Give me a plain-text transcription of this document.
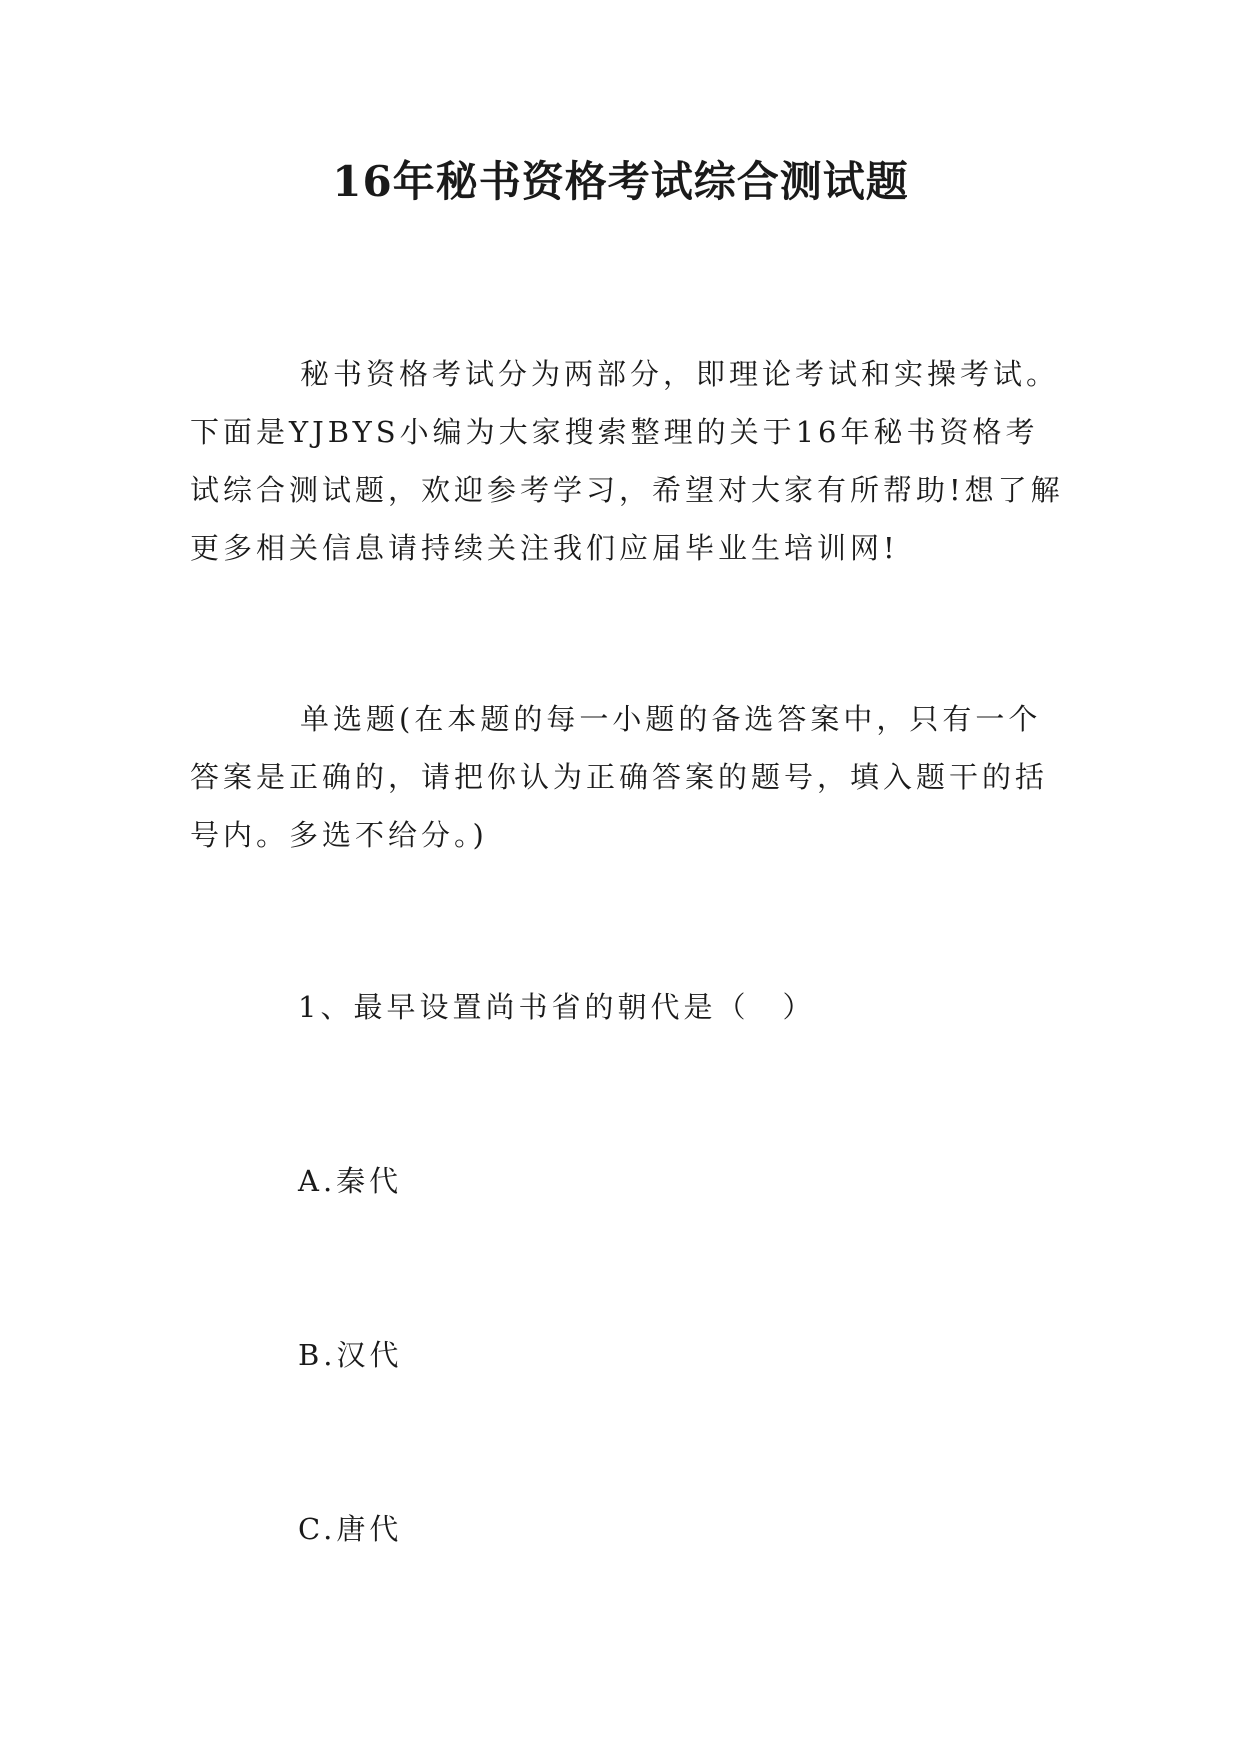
16年秘书资格考试综合测试题

秘书资格考试分为两部分，即理论考试和实操考试。下面是YJBYS小编为大家搜索整理的关于16年秘书资格考试综合测试题，欢迎参考学习，希望对大家有所帮助!想了解更多相关信息请持续关注我们应届毕业生培训网!

单选题(在本题的每一小题的备选答案中，只有一个答案是正确的，请把你认为正确答案的题号，填入题干的括号内。多选不给分。)

1、最早设置尚书省的朝代是（　）
A.秦代
B.汉代
C.唐代
